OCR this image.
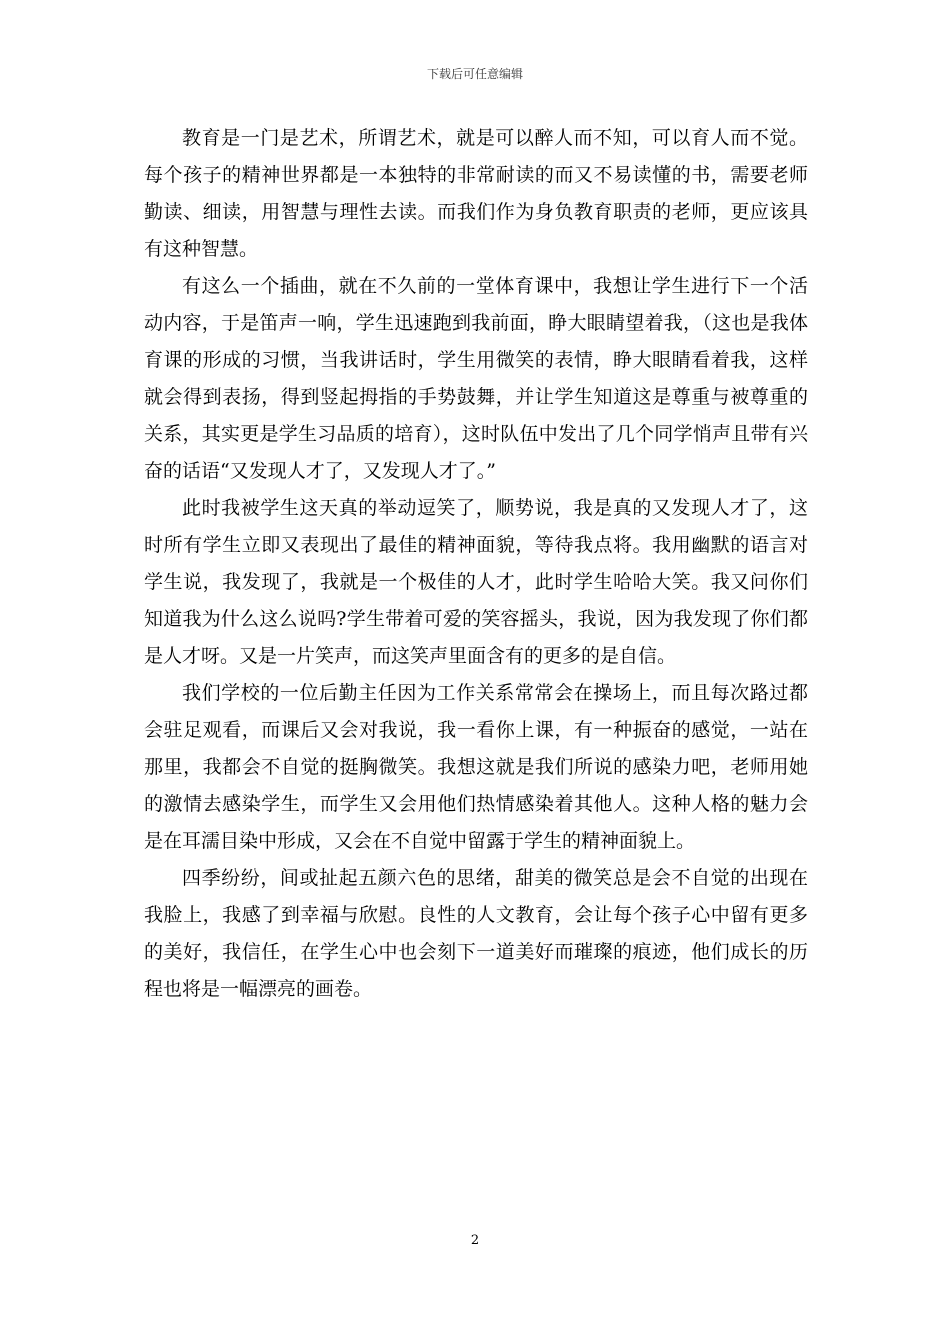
下载后可任意编辑

教育是一门是艺术，所谓艺术，就是可以醉人而不知，可以育人而不觉。每个孩子的精神世界都是一本独特的非常耐读的而又不易读懂的书，需要老师勤读、细读，用智慧与理性去读。而我们作为身负教育职责的老师，更应该具有这种智慧。

有这么一个插曲，就在不久前的一堂体育课中，我想让学生进行下一个活动内容，于是笛声一响，学生迅速跑到我前面，睁大眼睛望着我，（这也是我体育课的形成的习惯，当我讲话时，学生用微笑的表情，睁大眼睛看着我，这样就会得到表扬，得到竖起拇指的手势鼓舞，并让学生知道这是尊重与被尊重的关系，其实更是学生习品质的培育），这时队伍中发出了几个同学悄声且带有兴奋的话语“又发现人才了，又发现人才了。”

此时我被学生这天真的举动逗笑了，顺势说，我是真的又发现人才了，这时所有学生立即又表现出了最佳的精神面貌，等待我点将。我用幽默的语言对学生说，我发现了，我就是一个极佳的人才，此时学生哈哈大笑。我又问你们知道我为什么这么说吗?学生带着可爱的笑容摇头，我说，因为我发现了你们都是人才呀。又是一片笑声，而这笑声里面含有的更多的是自信。

我们学校的一位后勤主任因为工作关系常常会在操场上，而且每次路过都会驻足观看，而课后又会对我说，我一看你上课，有一种振奋的感觉，一站在那里，我都会不自觉的挺胸微笑。我想这就是我们所说的感染力吧，老师用她的激情去感染学生，而学生又会用他们热情感染着其他人。这种人格的魅力会是在耳濡目染中形成，又会在不自觉中留露于学生的精神面貌上。

四季纷纷，间或扯起五颜六色的思绪，甜美的微笑总是会不自觉的出现在我脸上，我感了到幸福与欣慰。良性的人文教育，会让每个孩子心中留有更多的美好，我信任，在学生心中也会刻下一道美好而璀璨的痕迹，他们成长的历程也将是一幅漂亮的画卷。

2
